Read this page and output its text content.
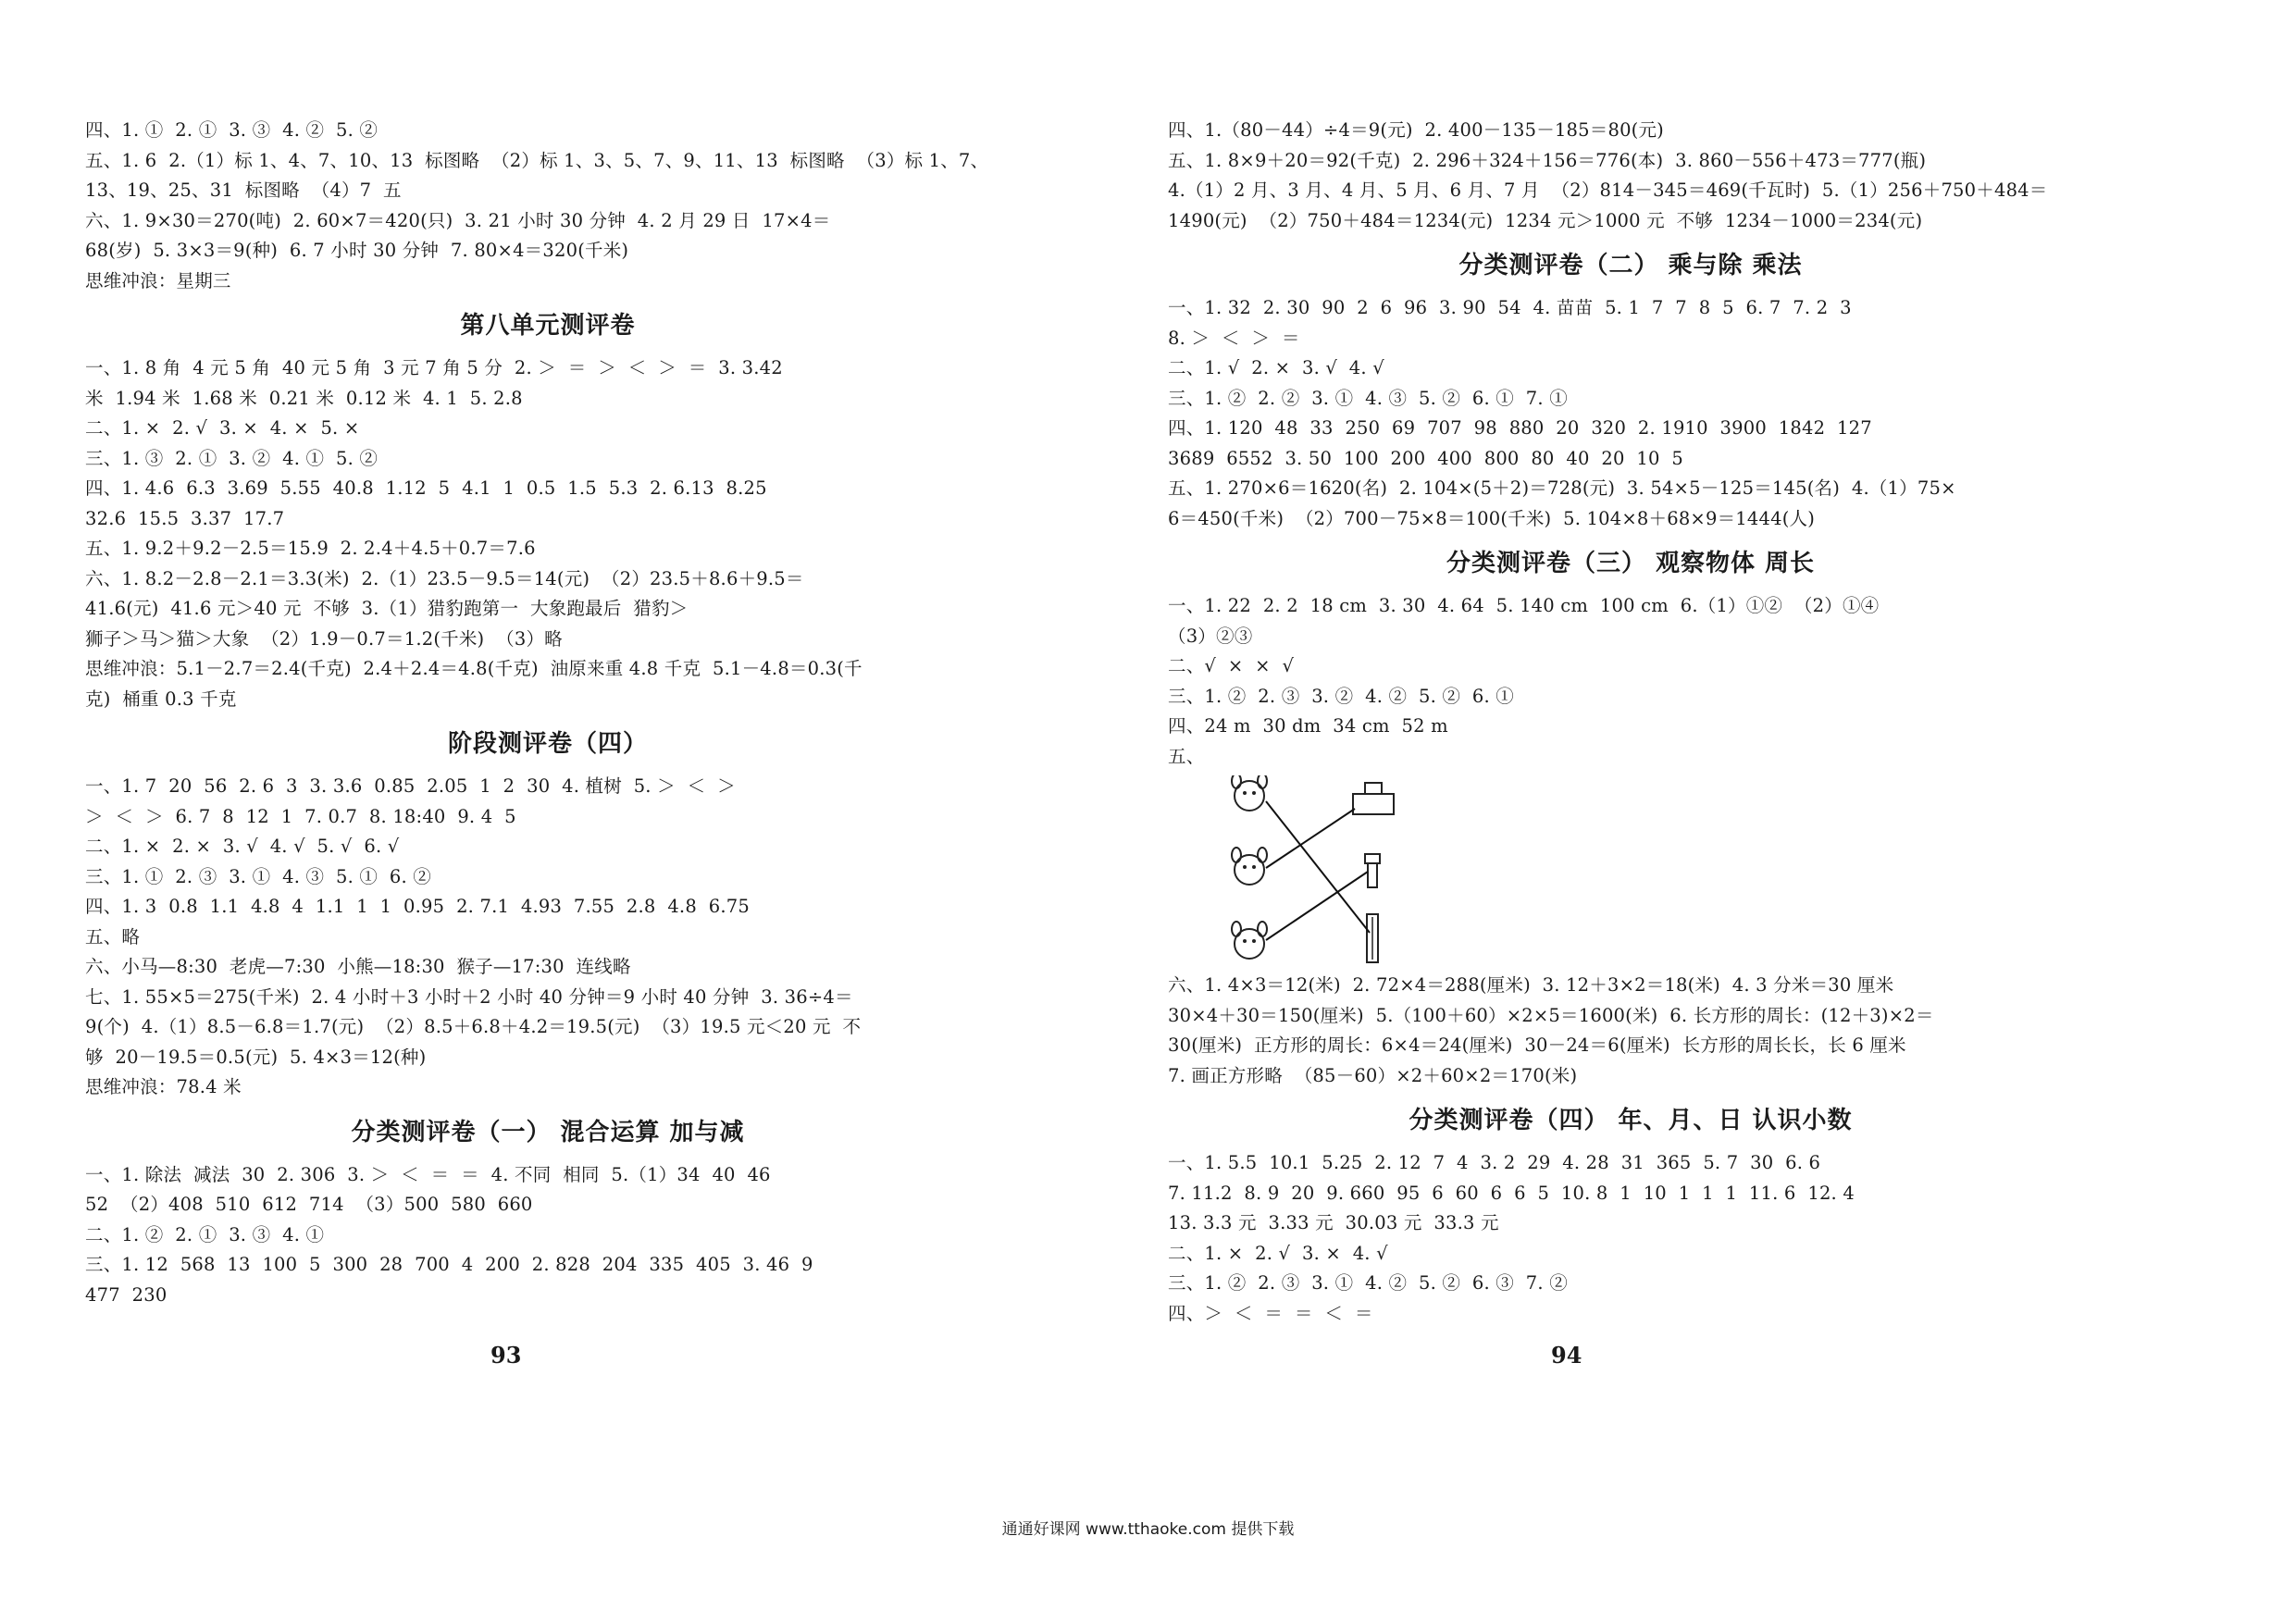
四、1. ①  2. ①  3. ③  4. ②  5. ②
五、1. 6  2.（1）标 1、4、7、10、13  标图略  （2）标 1、3、5、7、9、11、13  标图略  （3）标 1、7、
13、19、25、31  标图略  （4）7  五
六、1. 9×30＝270(吨)  2. 60×7＝420(只)  3. 21 小时 30 分钟  4. 2 月 29 日  17×4＝
68(岁)  5. 3×3＝9(种)  6. 7 小时 30 分钟  7. 80×4＝320(千米)
思维冲浪：星期三
第八单元测评卷
一、1. 8 角  4 元 5 角  40 元 5 角  3 元 7 角 5 分  2. ＞  ＝  ＞  ＜  ＞  ＝  3. 3.42
米  1.94 米  1.68 米  0.21 米  0.12 米  4. 1  5. 2.8
二、1. ×  2. √  3. ×  4. ×  5. ×
三、1. ③  2. ①  3. ②  4. ①  5. ②
四、1. 4.6  6.3  3.69  5.55  40.8  1.12  5  4.1  1  0.5  1.5  5.3  2. 6.13  8.25
32.6  15.5  3.37  17.7
五、1. 9.2＋9.2－2.5＝15.9  2. 2.4＋4.5＋0.7＝7.6
六、1. 8.2－2.8－2.1＝3.3(米)  2.（1）23.5－9.5＝14(元)  （2）23.5＋8.6＋9.5＝
41.6(元)  41.6 元＞40 元  不够  3.（1）猎豹跑第一  大象跑最后  猎豹＞
狮子＞马＞猫＞大象  （2）1.9－0.7＝1.2(千米)  （3）略
思维冲浪：5.1－2.7＝2.4(千克)  2.4＋2.4＝4.8(千克)  油原来重 4.8 千克  5.1－4.8＝0.3(千
克)  桶重 0.3 千克
阶段测评卷（四）
一、1. 7  20  56  2. 6  3  3. 3.6  0.85  2.05  1  2  30  4. 植树  5. ＞  ＜  ＞
＞  ＜  ＞  6. 7  8  12  1  7. 0.7  8. 18:40  9. 4  5
二、1. ×  2. ×  3. √  4. √  5. √  6. √
三、1. ①  2. ③  3. ①  4. ③  5. ①  6. ②
四、1. 3  0.8  1.1  4.8  4  1.1  1  1  0.95  2. 7.1  4.93  7.55  2.8  4.8  6.75
五、略
六、小马—8:30  老虎—7:30  小熊—18:30  猴子—17:30  连线略
七、1. 55×5＝275(千米)  2. 4 小时＋3 小时＋2 小时 40 分钟＝9 小时 40 分钟  3. 36÷4＝
9(个)  4.（1）8.5－6.8＝1.7(元)  （2）8.5＋6.8＋4.2＝19.5(元)  （3）19.5 元＜20 元  不
够  20－19.5＝0.5(元)  5. 4×3＝12(种)
思维冲浪：78.4 米
分类测评卷（一） 混合运算 加与减
一、1. 除法  减法  30  2. 306  3. ＞  ＜  ＝  ＝  4. 不同  相同  5.（1）34  40  46
52  （2）408  510  612  714  （3）500  580  660
二、1. ②  2. ①  3. ③  4. ①
三、1. 12  568  13  100  5  300  28  700  4  200  2. 828  204  335  405  3. 46  9
477  230
四、1.（80－44）÷4＝9(元)  2. 400－135－185＝80(元)
五、1. 8×9＋20＝92(千克)  2. 296＋324＋156＝776(本)  3. 860－556＋473＝777(瓶)
4.（1）2 月、3 月、4 月、5 月、6 月、7 月  （2）814－345＝469(千瓦时)  5.（1）256＋750＋484＝
1490(元)  （2）750＋484＝1234(元)  1234 元＞1000 元  不够  1234－1000＝234(元)
分类测评卷（二） 乘与除 乘法
一、1. 32  2. 30  90  2  6  96  3. 90  54  4. 苗苗  5. 1  7  7  8  5  6. 7  7. 2  3
8. ＞  ＜  ＞  ＝
二、1. √  2. ×  3. √  4. √
三、1. ②  2. ②  3. ①  4. ③  5. ②  6. ①  7. ①
四、1. 120  48  33  250  69  707  98  880  20  320  2. 1910  3900  1842  127
3689  6552  3. 50  100  200  400  800  80  40  20  10  5
五、1. 270×6＝1620(名)  2. 104×(5＋2)＝728(元)  3. 54×5－125＝145(名)  4.（1）75×
6＝450(千米)  （2）700－75×8＝100(千米)  5. 104×8＋68×9＝1444(人)
分类测评卷（三） 观察物体 周长
一、1. 22  2. 2  18 cm  3. 30  4. 64  5. 140 cm  100 cm  6.（1）①②  （2）①④
（3）②③
二、√  ×  ×  √
三、1. ②  2. ③  3. ②  4. ②  5. ②  6. ①
四、24 m  30 dm  34 cm  52 m
五、
六、1. 4×3＝12(米)  2. 72×4＝288(厘米)  3. 12＋3×2＝18(米)  4. 3 分米＝30 厘米
30×4＋30＝150(厘米)  5.（100＋60）×2×5＝1600(米)  6. 长方形的周长：(12＋3)×2＝
30(厘米)  正方形的周长：6×4＝24(厘米)  30－24＝6(厘米)  长方形的周长长，长 6 厘米
7. 画正方形略  （85－60）×2＋60×2＝170(米)
分类测评卷（四） 年、月、日 认识小数
一、1. 5.5  10.1  5.25  2. 12  7  4  3. 2  29  4. 28  31  365  5. 7  30  6. 6
7. 11.2  8. 9  20  9. 660  95  6  60  6  6  5  10. 8  1  10  1  1  1  11. 6  12. 4
13. 3.3 元  3.33 元  30.03 元  33.3 元
二、1. ×  2. √  3. ×  4. √
三、1. ②  2. ③  3. ①  4. ②  5. ②  6. ③  7. ②
四、＞  ＜  ＝  ＝  ＜  ＝
93	94
通通好课网 www.tthaoke.com 提供下载
